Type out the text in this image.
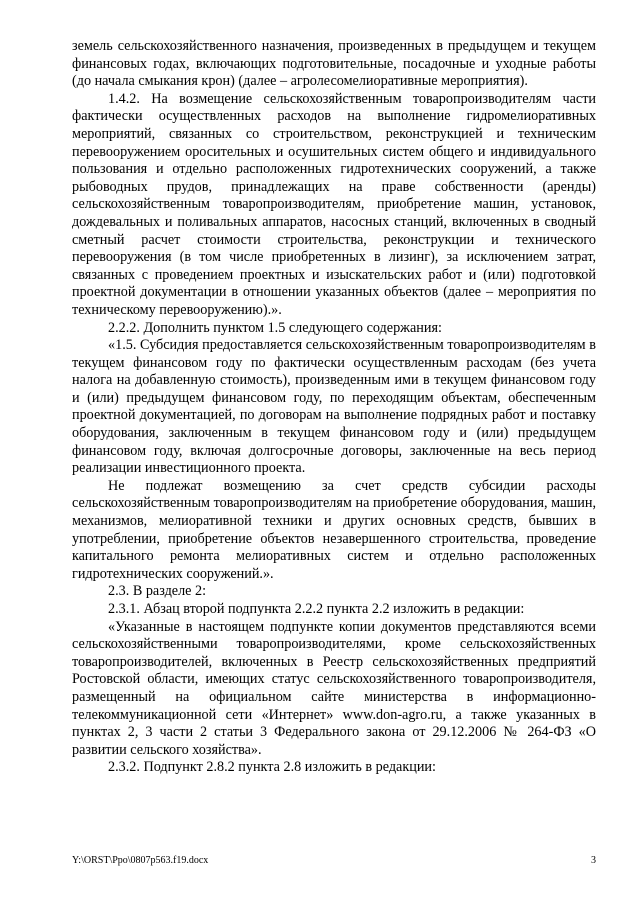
земель сельскохозяйственного назначения, произведенных в предыдущем и текущем финансовых годах, включающих подготовительные, посадочные и уходные работы (до начала смыкания крон) (далее – агролесомелиоративные мероприятия).

1.4.2. На возмещение сельскохозяйственным товаропроизводителям части фактически осуществленных расходов на выполнение гидромелиоративных мероприятий, связанных со строительством, реконструкцией и техническим перевооружением оросительных и осушительных систем общего и индивидуального пользования и отдельно расположенных гидротехнических сооружений, а также рыбоводных прудов, принадлежащих на праве собственности (аренды) сельскохозяйственным товаропроизводителям, приобретение машин, установок, дождевальных и поливальных аппаратов, насосных станций, включенных в сводный сметный расчет стоимости строительства, реконструкции и технического перевооружения (в том числе приобретенных в лизинг), за исключением затрат, связанных с проведением проектных и изыскательских работ и (или) подготовкой проектной документации в отношении указанных объектов (далее – мероприятия по техническому перевооружению).».

2.2.2. Дополнить пунктом 1.5 следующего содержания:

«1.5. Субсидия предоставляется сельскохозяйственным товаропроизводителям в текущем финансовом году по фактически осуществленным расходам (без учета налога на добавленную стоимость), произведенным ими в текущем финансовом году и (или) предыдущем финансовом году, по переходящим объектам, обеспеченным проектной документацией, по договорам на выполнение подрядных работ и поставку оборудования, заключенным в текущем финансовом году и (или) предыдущем финансовом году, включая долгосрочные договоры, заключенные на весь период реализации инвестиционного проекта.

Не подлежат возмещению за счет средств субсидии расходы сельскохозяйственным товаропроизводителям на приобретение оборудования, машин, механизмов, мелиоративной техники и других основных средств, бывших в употреблении, приобретение объектов незавершенного строительства, проведение капитального ремонта мелиоративных систем и отдельно расположенных гидротехнических сооружений.».

2.3. В разделе 2:

2.3.1. Абзац второй подпункта 2.2.2 пункта 2.2 изложить в редакции:

«Указанные в настоящем подпункте копии документов представляются всеми сельскохозяйственными товаропроизводителями, кроме сельскохозяйственных товаропроизводителей, включенных в Реестр сельскохозяйственных предприятий Ростовской области, имеющих статус сельскохозяйственного товаропроизводителя, размещенный на официальном сайте министерства в информационно-телекоммуникационной сети «Интернет» www.don-agro.ru, а также указанных в пунктах 2, 3 части 2 статьи 3 Федерального закона от 29.12.2006 № 264-ФЗ «О развитии сельского хозяйства».

2.3.2. Подпункт 2.8.2 пункта 2.8 изложить в редакции:

Y:\ORST\Ppo\0807p563.f19.docx	3
